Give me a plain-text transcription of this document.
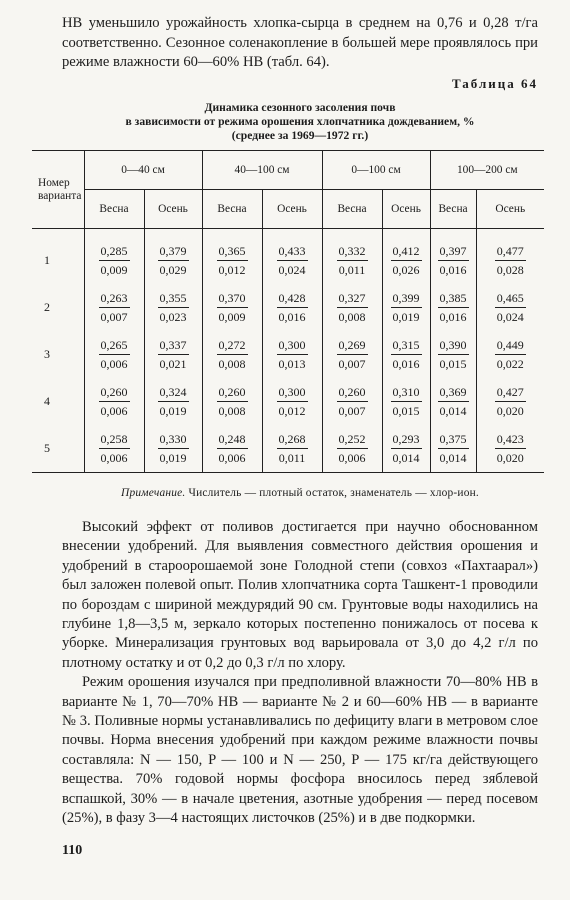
НВ уменьшило урожайность хлопка-сырца в среднем на 0,76 и 0,28 т/га соответственно. Сезонное соленакопление в большей мере проявлялось при режиме влажности 60—60% НВ (табл. 64).

Таблица 64
Динамика сезонного засоления почв
в зависимости от режима орошения хлопчатника дождеванием, %
(среднее за 1969—1972 гг.)
Номер варианта	0—40 см		40—100 см		0—100 см		100—200 см	
	Весна	Осень	Весна	Осень	Весна	Осень	Весна	Осень
1	$\frac{0,285}{0,009}$	$\frac{0,379}{0,029}$	$\frac{0,365}{0,012}$	$\frac{0,433}{0,024}$	$\frac{0,332}{0,011}$	$\frac{0,412}{0,026}$	$\frac{0,397}{0,016}$	$\frac{0,477}{0,028}$

2	$\frac{0,263}{0,007}$	$\frac{0,355}{0,023}$	$\frac{0,370}{0,009}$	$\frac{0,428}{0,016}$	$\frac{0,327}{0,008}$	$\frac{0,399}{0,019}$	$\frac{0,385}{0,016}$	$\frac{0,465}{0,024}$

3	$\frac{0,265}{0,006}$	$\frac{0,337}{0,021}$	$\frac{0,272}{0,008}$	$\frac{0,300}{0,013}$	$\frac{0,269}{0,007}$	$\frac{0,315}{0,016}$	$\frac{0,390}{0,015}$	$\frac{0,449}{0,022}$

4	$\frac{0,260}{0,006}$	$\frac{0,324}{0,019}$	$\frac{0,260}{0,008}$	$\frac{0,300}{0,012}$	$\frac{0,260}{0,007}$	$\frac{0,310}{0,015}$	$\frac{0,369}{0,014}$	$\frac{0,427}{0,020}$

5	$\frac{0,258}{0,006}$	$\frac{0,330}{0,019}$	$\frac{0,248}{0,006}$	$\frac{0,268}{0,011}$	$\frac{0,252}{0,006}$	$\frac{0,293}{0,014}$	$\frac{0,375}{0,014}$	$\frac{0,423}{0,020}$
Примечание. Числитель — плотный остаток, знаменатель — хлор-ион.

Высокий эффект от поливов достигается при научно обоснованном внесении удобрений. Для выявления совместного действия орошения и удобрений в староорошаемой зоне Голодной степи (совхоз «Пахтаарал») был заложен полевой опыт. Полив хлопчатника сорта Ташкент-1 проводили по бороздам с шириной междурядий 90 см. Грунтовые воды находились на глубине 1,8—3,5 м, зеркало которых постепенно понижалось от посева к уборке. Минерализация грунтовых вод варьировала от 3,0 до 4,2 г/л по плотному остатку и от 0,2 до 0,3 г/л по хлору.

Режим орошения изучался при предполивной влажности 70—80% НВ в варианте № 1, 70—70% НВ — варианте № 2 и 60—60% НВ — в варианте № 3. Поливные нормы устанавливались по дефициту влаги в метровом слое почвы. Норма внесения удобрений при каждом режиме влажности почвы составляла: N — 150, P — 100 и N — 250, P — 175 кг/га действующего вещества. 70% годовой нормы фосфора вносилось перед зяблевой вспашкой, 30% — в начале цветения, азотные удобрения — перед посевом (25%), в фазу 3—4 настоящих листочков (25%) и в две подкормки.

110
